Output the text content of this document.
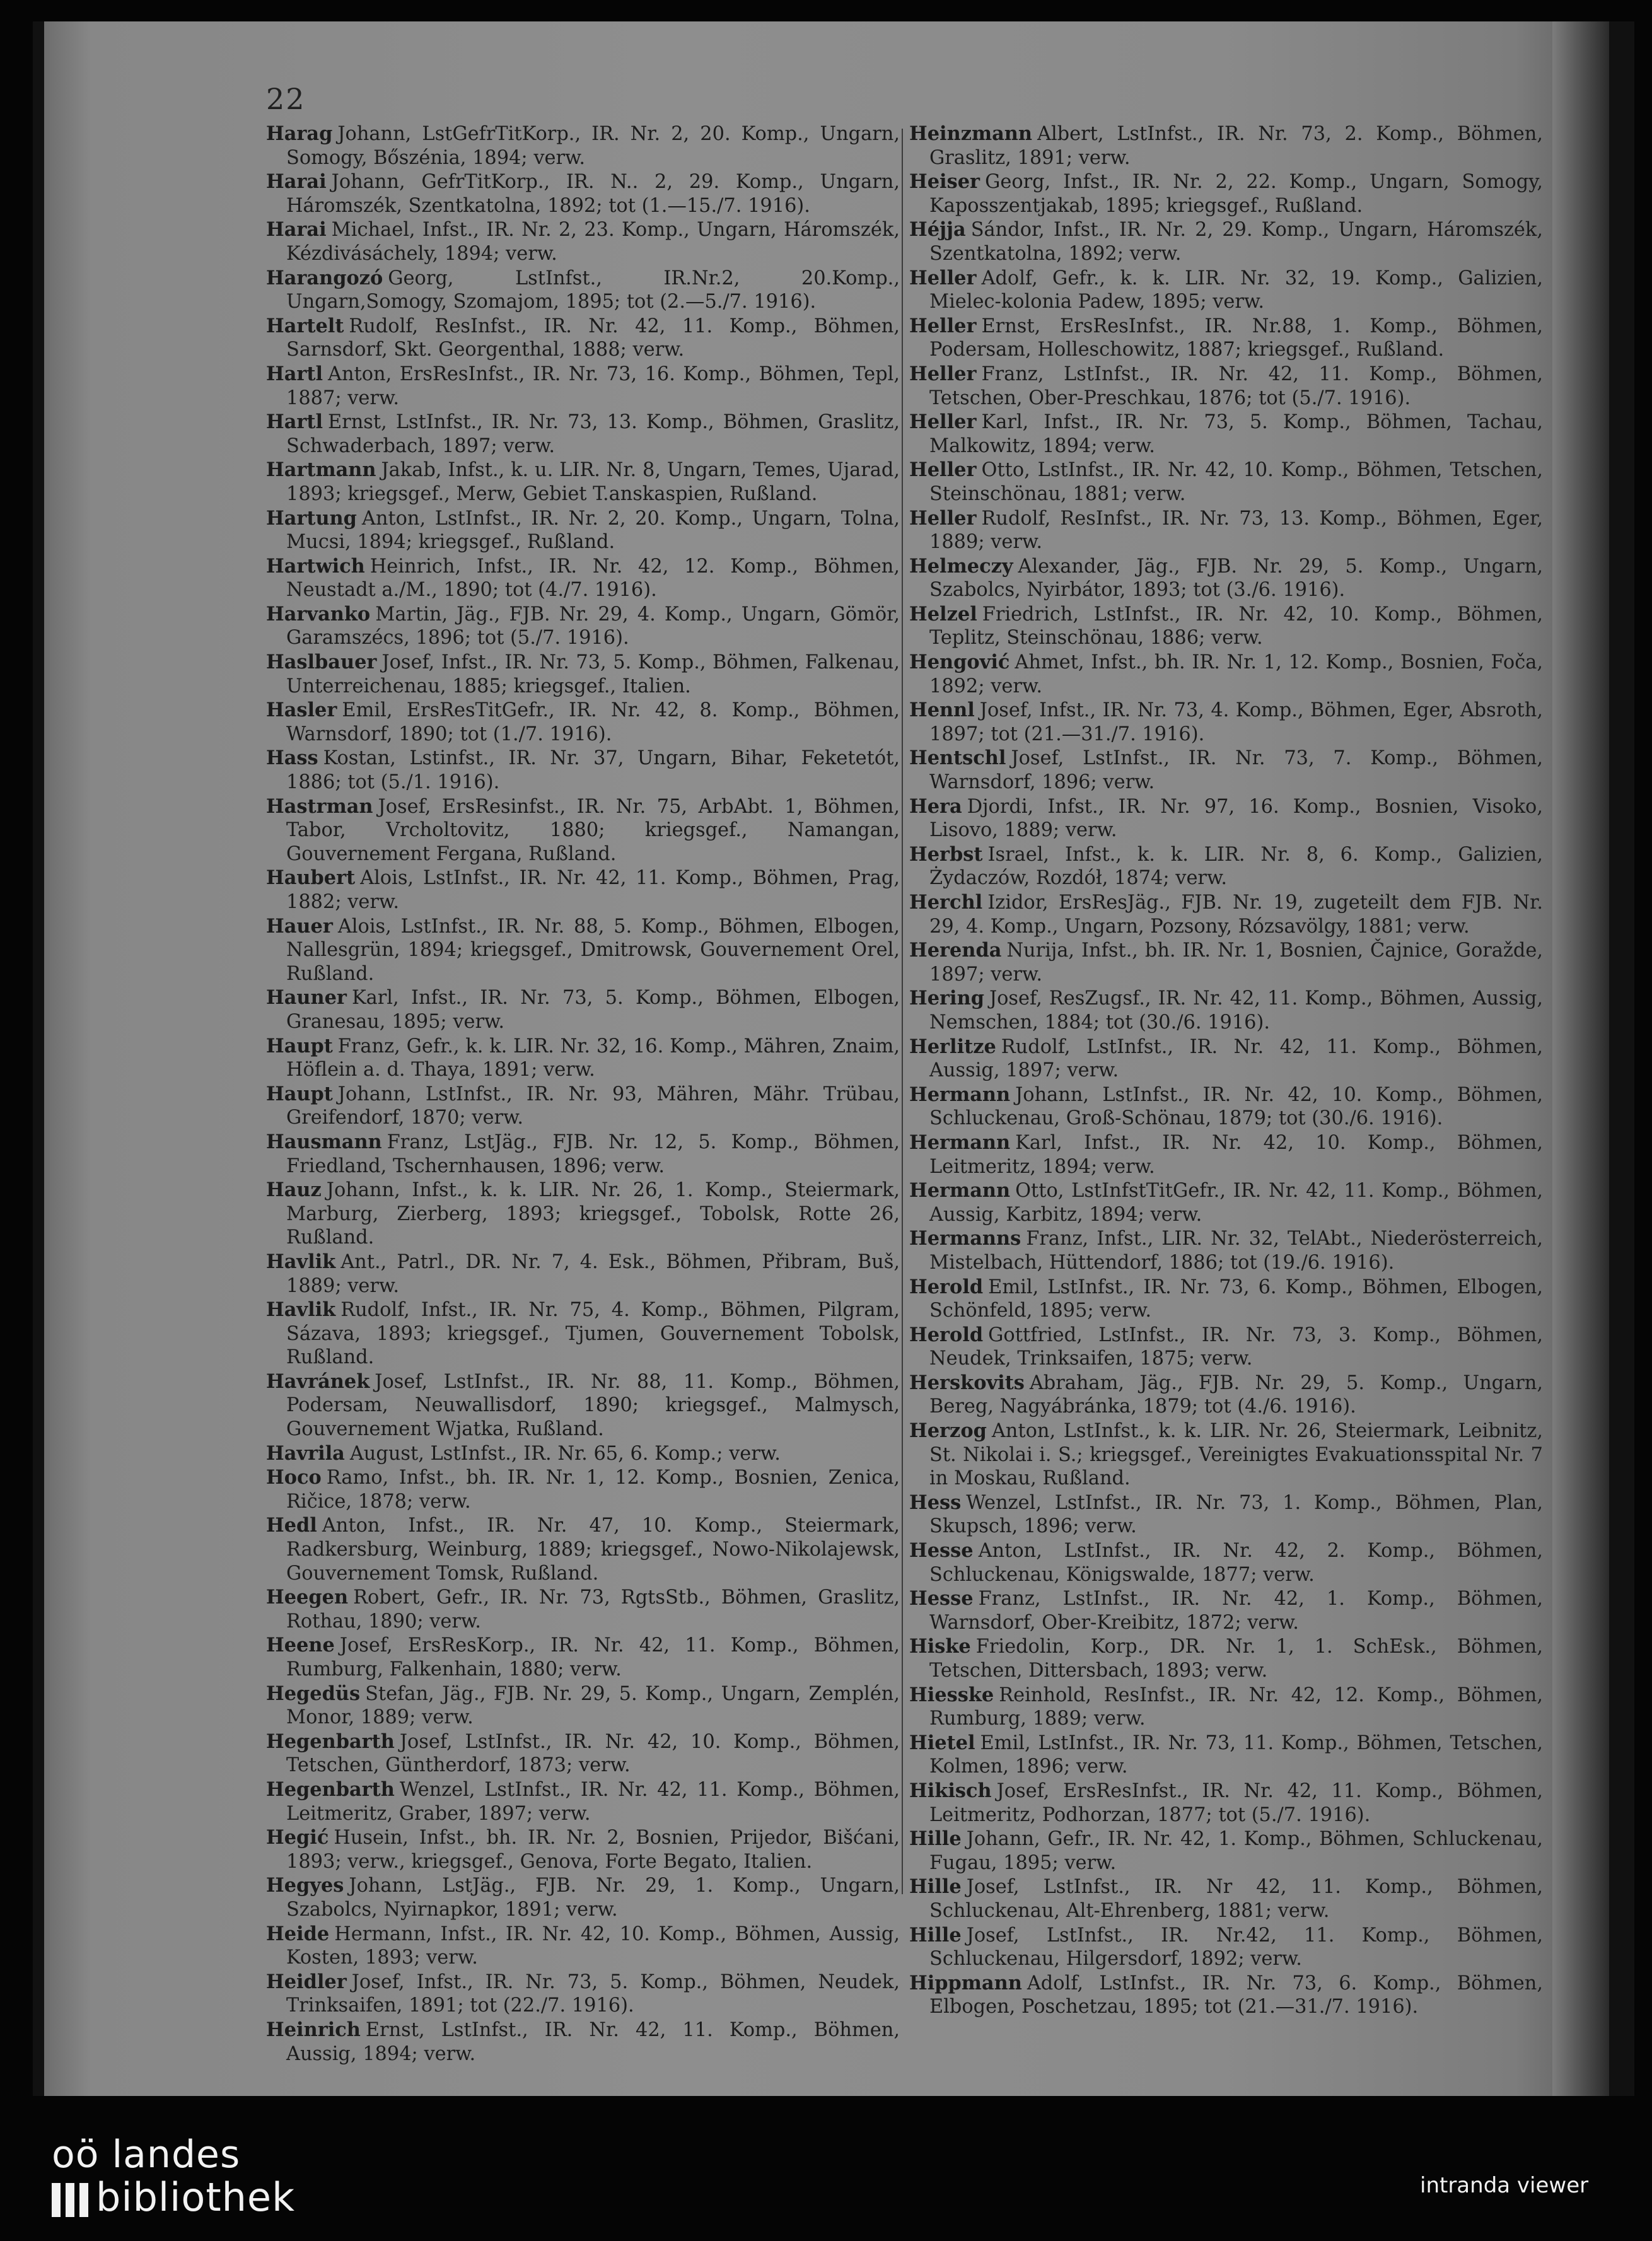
22
Harag Johann, LstGefrTitKorp., IR. Nr. 2, 20. Komp., Ungarn, Somogy, Bőszénia, 1894; verw.
Harai Johann, GefrTitKorp., IR. N.. 2, 29. Komp., Ungarn, Háromszék, Szentkatolna, 1892; tot (1.—15./7. 1916).
Harai Michael, Infst., IR. Nr. 2, 23. Komp., Ungarn, Háromszék, Kézdivásáchely, 1894; verw.
Harangozó Georg, LstInfst., IR.Nr.2, 20.Komp., Ungarn,Somogy, Szomajom, 1895; tot (2.—5./7. 1916).
Hartelt Rudolf, ResInfst., IR. Nr. 42, 11. Komp., Böhmen, Sarnsdorf, Skt. Georgenthal, 1888; verw.
Hartl Anton, ErsResInfst., IR. Nr. 73, 16. Komp., Böhmen, Tepl, 1887; verw.
Hartl Ernst, LstInfst., IR. Nr. 73, 13. Komp., Böhmen, Graslitz, Schwaderbach, 1897; verw.
Hartmann Jakab, Infst., k. u. LIR. Nr. 8, Ungarn, Temes, Ujarad, 1893; kriegsgef., Merw, Gebiet T.anskaspien, Rußland.
Hartung Anton, LstInfst., IR. Nr. 2, 20. Komp., Ungarn, Tolna, Mucsi, 1894; kriegsgef., Rußland.
Hartwich Heinrich, Infst., IR. Nr. 42, 12. Komp., Böhmen, Neustadt a./M., 1890; tot (4./7. 1916).
Harvanko Martin, Jäg., FJB. Nr. 29, 4. Komp., Ungarn, Gömör, Garamszécs, 1896; tot (5./7. 1916).
Haslbauer Josef, Infst., IR. Nr. 73, 5. Komp., Böhmen, Falkenau, Unterreichenau, 1885; kriegsgef., Italien.
Hasler Emil, ErsResTitGefr., IR. Nr. 42, 8. Komp., Böhmen, Warnsdorf, 1890; tot (1./7. 1916).
Hass Kostan, Lstinfst., IR. Nr. 37, Ungarn, Bihar, Feketetót, 1886; tot (5./1. 1916).
Hastrman Josef, ErsResinfst., IR. Nr. 75, ArbAbt. 1, Böhmen, Tabor, Vrcholtovitz, 1880; kriegsgef., Namangan, Gouvernement Fergana, Rußland.
Haubert Alois, LstInfst., IR. Nr. 42, 11. Komp., Böhmen, Prag, 1882; verw.
Hauer Alois, LstInfst., IR. Nr. 88, 5. Komp., Böhmen, Elbogen, Nallesgrün, 1894; kriegsgef., Dmitrowsk, Gouvernement Orel, Rußland.
Hauner Karl, Infst., IR. Nr. 73, 5. Komp., Böhmen, Elbogen, Granesau, 1895; verw.
Haupt Franz, Gefr., k. k. LIR. Nr. 32, 16. Komp., Mähren, Znaim, Höflein a. d. Thaya, 1891; verw.
Haupt Johann, LstInfst., IR. Nr. 93, Mähren, Mähr. Trübau, Greifendorf, 1870; verw.
Hausmann Franz, LstJäg., FJB. Nr. 12, 5. Komp., Böhmen, Friedland, Tschernhausen, 1896; verw.
Hauz Johann, Infst., k. k. LIR. Nr. 26, 1. Komp., Steiermark, Marburg, Zierberg, 1893; kriegsgef., Tobolsk, Rotte 26, Rußland.
Havlik Ant., Patrl., DR. Nr. 7, 4. Esk., Böhmen, Přibram, Buš, 1889; verw.
Havlik Rudolf, Infst., IR. Nr. 75, 4. Komp., Böhmen, Pilgram, Sázava, 1893; kriegsgef., Tjumen, Gouvernement Tobolsk, Rußland.
Havránek Josef, LstInfst., IR. Nr. 88, 11. Komp., Böhmen, Podersam, Neuwallisdorf, 1890; kriegsgef., Malmysch, Gouvernement Wjatka, Rußland.
Havrila August, LstInfst., IR. Nr. 65, 6. Komp.; verw.
Hoco Ramo, Infst., bh. IR. Nr. 1, 12. Komp., Bosnien, Zenica, Ričice, 1878; verw.
Hedl Anton, Infst., IR. Nr. 47, 10. Komp., Steiermark, Radkersburg, Weinburg, 1889; kriegsgef., Nowo-Nikolajewsk, Gouvernement Tomsk, Rußland.
Heegen Robert, Gefr., IR. Nr. 73, RgtsStb., Böhmen, Graslitz, Rothau, 1890; verw.
Heene Josef, ErsResKorp., IR. Nr. 42, 11. Komp., Böhmen, Rumburg, Falkenhain, 1880; verw.
Hegedüs Stefan, Jäg., FJB. Nr. 29, 5. Komp., Ungarn, Zemplén, Monor, 1889; verw.
Hegenbarth Josef, LstInfst., IR. Nr. 42, 10. Komp., Böhmen, Tetschen, Güntherdorf, 1873; verw.
Hegenbarth Wenzel, LstInfst., IR. Nr. 42, 11. Komp., Böhmen, Leitmeritz, Graber, 1897; verw.
Hegić Husein, Infst., bh. IR. Nr. 2, Bosnien, Prijedor, Bišćani, 1893; verw., kriegsgef., Genova, Forte Begato, Italien.
Hegyes Johann, LstJäg., FJB. Nr. 29, 1. Komp., Ungarn, Szabolcs, Nyirnapkor, 1891; verw.
Heide Hermann, Infst., IR. Nr. 42, 10. Komp., Böhmen, Aussig, Kosten, 1893; verw.
Heidler Josef, Infst., IR. Nr. 73, 5. Komp., Böhmen, Neudek, Trinksaifen, 1891; tot (22./7. 1916).
Heinrich Ernst, LstInfst., IR. Nr. 42, 11. Komp., Böhmen, Aussig, 1894; verw.
Heinzmann Albert, LstInfst., IR. Nr. 73, 2. Komp., Böhmen, Graslitz, 1891; verw.
Heiser Georg, Infst., IR. Nr. 2, 22. Komp., Ungarn, Somogy, Kaposszentjakab, 1895; kriegsgef., Rußland.
Héjja Sándor, Infst., IR. Nr. 2, 29. Komp., Ungarn, Háromszék, Szentkatolna, 1892; verw.
Heller Adolf, Gefr., k. k. LIR. Nr. 32, 19. Komp., Galizien, Mielec-kolonia Padew, 1895; verw.
Heller Ernst, ErsResInfst., IR. Nr.88, 1. Komp., Böhmen, Podersam, Holleschowitz, 1887; kriegsgef., Rußland.
Heller Franz, LstInfst., IR. Nr. 42, 11. Komp., Böhmen, Tetschen, Ober-Preschkau, 1876; tot (5./7. 1916).
Heller Karl, Infst., IR. Nr. 73, 5. Komp., Böhmen, Tachau, Malkowitz, 1894; verw.
Heller Otto, LstInfst., IR. Nr. 42, 10. Komp., Böhmen, Tetschen, Steinschönau, 1881; verw.
Heller Rudolf, ResInfst., IR. Nr. 73, 13. Komp., Böhmen, Eger, 1889; verw.
Helmeczy Alexander, Jäg., FJB. Nr. 29, 5. Komp., Ungarn, Szabolcs, Nyirbátor, 1893; tot (3./6. 1916).
Helzel Friedrich, LstInfst., IR. Nr. 42, 10. Komp., Böhmen, Teplitz, Steinschönau, 1886; verw.
Hengović Ahmet, Infst., bh. IR. Nr. 1, 12. Komp., Bosnien, Foča, 1892; verw.
Hennl Josef, Infst., IR. Nr. 73, 4. Komp., Böhmen, Eger, Absroth, 1897; tot (21.—31./7. 1916).
Hentschl Josef, LstInfst., IR. Nr. 73, 7. Komp., Böhmen, Warnsdorf, 1896; verw.
Hera Djordi, Infst., IR. Nr. 97, 16. Komp., Bosnien, Visoko, Lisovo, 1889; verw.
Herbst Israel, Infst., k. k. LIR. Nr. 8, 6. Komp., Galizien, Żydaczów, Rozdół, 1874; verw.
Herchl Izidor, ErsResJäg., FJB. Nr. 19, zugeteilt dem FJB. Nr. 29, 4. Komp., Ungarn, Pozsony, Rózsavölgy, 1881; verw.
Herenda Nurija, Infst., bh. IR. Nr. 1, Bosnien, Čajnice, Goražde, 1897; verw.
Hering Josef, ResZugsf., IR. Nr. 42, 11. Komp., Böhmen, Aussig, Nemschen, 1884; tot (30./6. 1916).
Herlitze Rudolf, LstInfst., IR. Nr. 42, 11. Komp., Böhmen, Aussig, 1897; verw.
Hermann Johann, LstInfst., IR. Nr. 42, 10. Komp., Böhmen, Schluckenau, Groß-Schönau, 1879; tot (30./6. 1916).
Hermann Karl, Infst., IR. Nr. 42, 10. Komp., Böhmen, Leitmeritz, 1894; verw.
Hermann Otto, LstInfstTitGefr., IR. Nr. 42, 11. Komp., Böhmen, Aussig, Karbitz, 1894; verw.
Hermanns Franz, Infst., LIR. Nr. 32, TelAbt., Niederösterreich, Mistelbach, Hüttendorf, 1886; tot (19./6. 1916).
Herold Emil, LstInfst., IR. Nr. 73, 6. Komp., Böhmen, Elbogen, Schönfeld, 1895; verw.
Herold Gottfried, LstInfst., IR. Nr. 73, 3. Komp., Böhmen, Neudek, Trinksaifen, 1875; verw.
Herskovits Abraham, Jäg., FJB. Nr. 29, 5. Komp., Ungarn, Bereg, Nagyábránka, 1879; tot (4./6. 1916).
Herzog Anton, LstInfst., k. k. LIR. Nr. 26, Steiermark, Leibnitz, St. Nikolai i. S.; kriegsgef., Vereinigtes Evakuationsspital Nr. 7 in Moskau, Rußland.
Hess Wenzel, LstInfst., IR. Nr. 73, 1. Komp., Böhmen, Plan, Skupsch, 1896; verw.
Hesse Anton, LstInfst., IR. Nr. 42, 2. Komp., Böhmen, Schluckenau, Königswalde, 1877; verw.
Hesse Franz, LstInfst., IR. Nr. 42, 1. Komp., Böhmen, Warnsdorf, Ober-Kreibitz, 1872; verw.
Hiske Friedolin, Korp., DR. Nr. 1, 1. SchEsk., Böhmen, Tetschen, Dittersbach, 1893; verw.
Hiesske Reinhold, ResInfst., IR. Nr. 42, 12. Komp., Böhmen, Rumburg, 1889; verw.
Hietel Emil, LstInfst., IR. Nr. 73, 11. Komp., Böhmen, Tetschen, Kolmen, 1896; verw.
Hikisch Josef, ErsResInfst., IR. Nr. 42, 11. Komp., Böhmen, Leitmeritz, Podhorzan, 1877; tot (5./7. 1916).
Hille Johann, Gefr., IR. Nr. 42, 1. Komp., Böhmen, Schluckenau, Fugau, 1895; verw.
Hille Josef, LstInfst., IR. Nr 42, 11. Komp., Böhmen, Schluckenau, Alt-Ehrenberg, 1881; verw.
Hille Josef, LstInfst., IR. Nr.42, 11. Komp., Böhmen, Schluckenau, Hilgersdorf, 1892; verw.
Hippmann Adolf, LstInfst., IR. Nr. 73, 6. Komp., Böhmen, Elbogen, Poschetzau, 1895; tot (21.—31./7. 1916).
oö landes
bibliothek	intranda viewer
